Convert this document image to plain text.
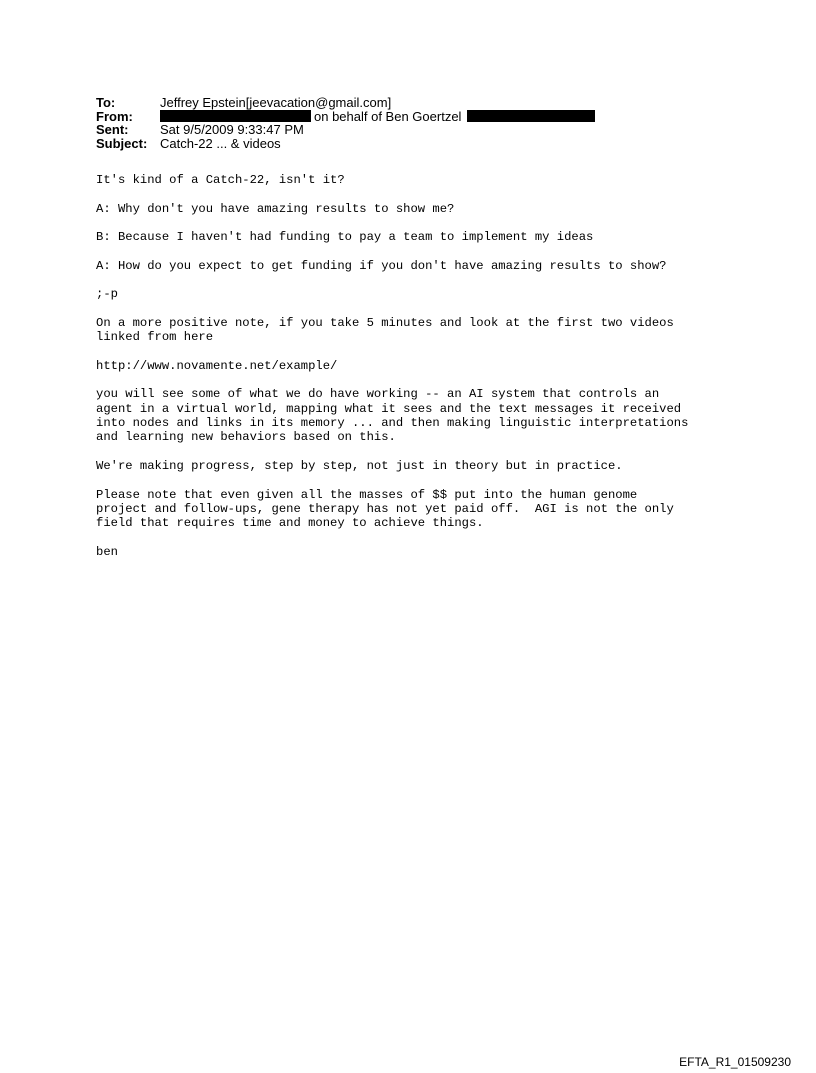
To:	Jeffrey Epstein[jeevacation@gmail.com]
From:	on behalf of Ben Goertzel
Sent:	Sat 9/5/2009 9:33:47 PM
Subject: Catch-22 ... & videos

It's kind of a Catch-22, isn't it?

A: Why don't you have amazing results to show me?

B: Because I haven't had funding to pay a team to implement my ideas

A: How do you expect to get funding if you don't have amazing results to show?

;-p

On a more positive note, if you take 5 minutes and look at the first two videos
linked from here

http://www.novamente.net/example/

you will see some of what we do have working -- an AI system that controls an
agent in a virtual world, mapping what it sees and the text messages it received
into nodes and links in its memory ... and then making linguistic interpretations
and learning new behaviors based on this.

We're making progress, step by step, not just in theory but in practice.

Please note that even given all the masses of $$ put into the human genome
project and follow-ups, gene therapy has not yet paid off.  AGI is not the only
field that requires time and money to achieve things.

ben

EFTA_R1_01509230
